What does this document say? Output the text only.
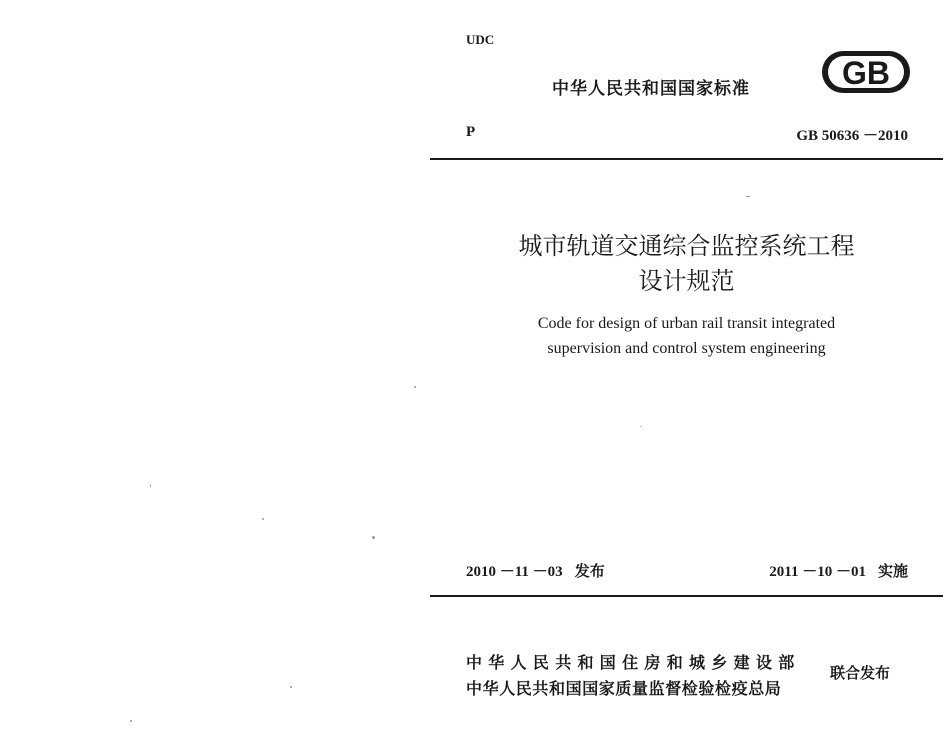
UDC
中华人民共和国国家标准	GB
P	GB 50636 －2010
城市轨道交通综合监控系统工程
设计规范
Code for design of urban rail transit integrated
supervision and control system engineering
2010 －11 －03 发布	2011 －10 －01 实施
中华人民共和国住房和城乡建设部
中华人民共和国国家质量监督检验检疫总局
联合发布
